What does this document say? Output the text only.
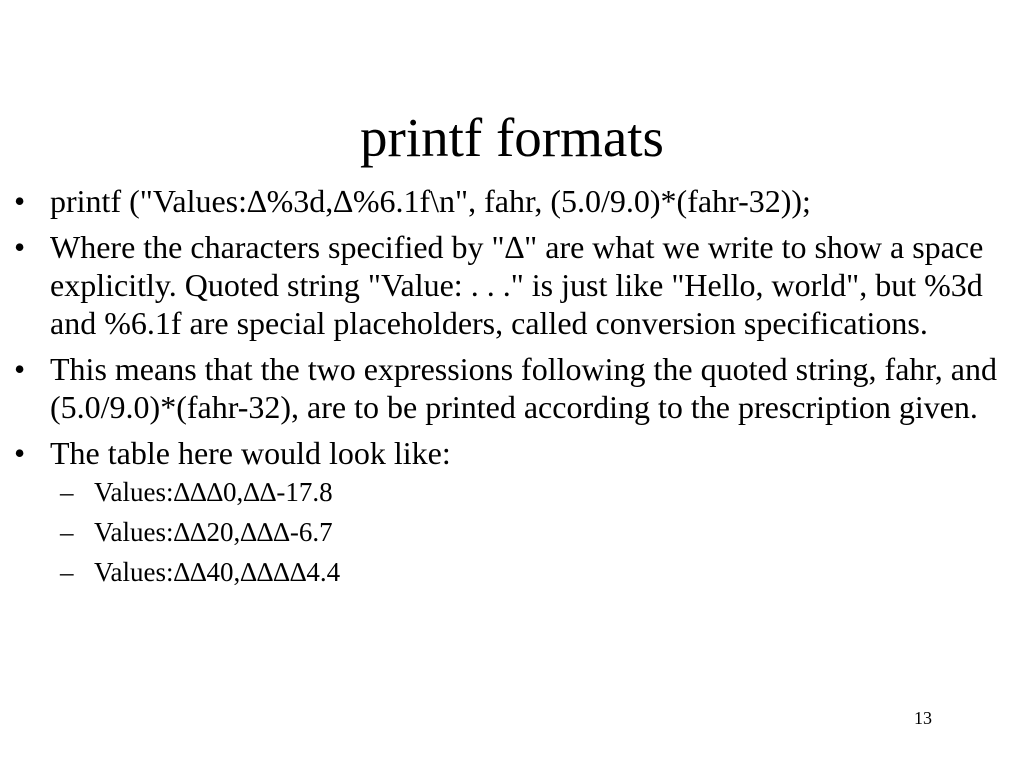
printf formats
• printf ("Values:∆%3d,∆%6.1f\n", fahr, (5.0/9.0)*(fahr-32));
• Where the characters specified by "∆" are what we write to show a space explicitly. Quoted string "Value: . . ." is just like "Hello, world", but %3d and %6.1f are special placeholders, called conversion specifications.
• This means that the two expressions following the quoted string, fahr, and (5.0/9.0)*(fahr-32), are to be printed according to the prescription given.
• The table here would look like:
– Values:∆∆∆0,∆∆-17.8
– Values:∆∆20,∆∆∆-6.7
– Values:∆∆40,∆∆∆∆4.4
13
